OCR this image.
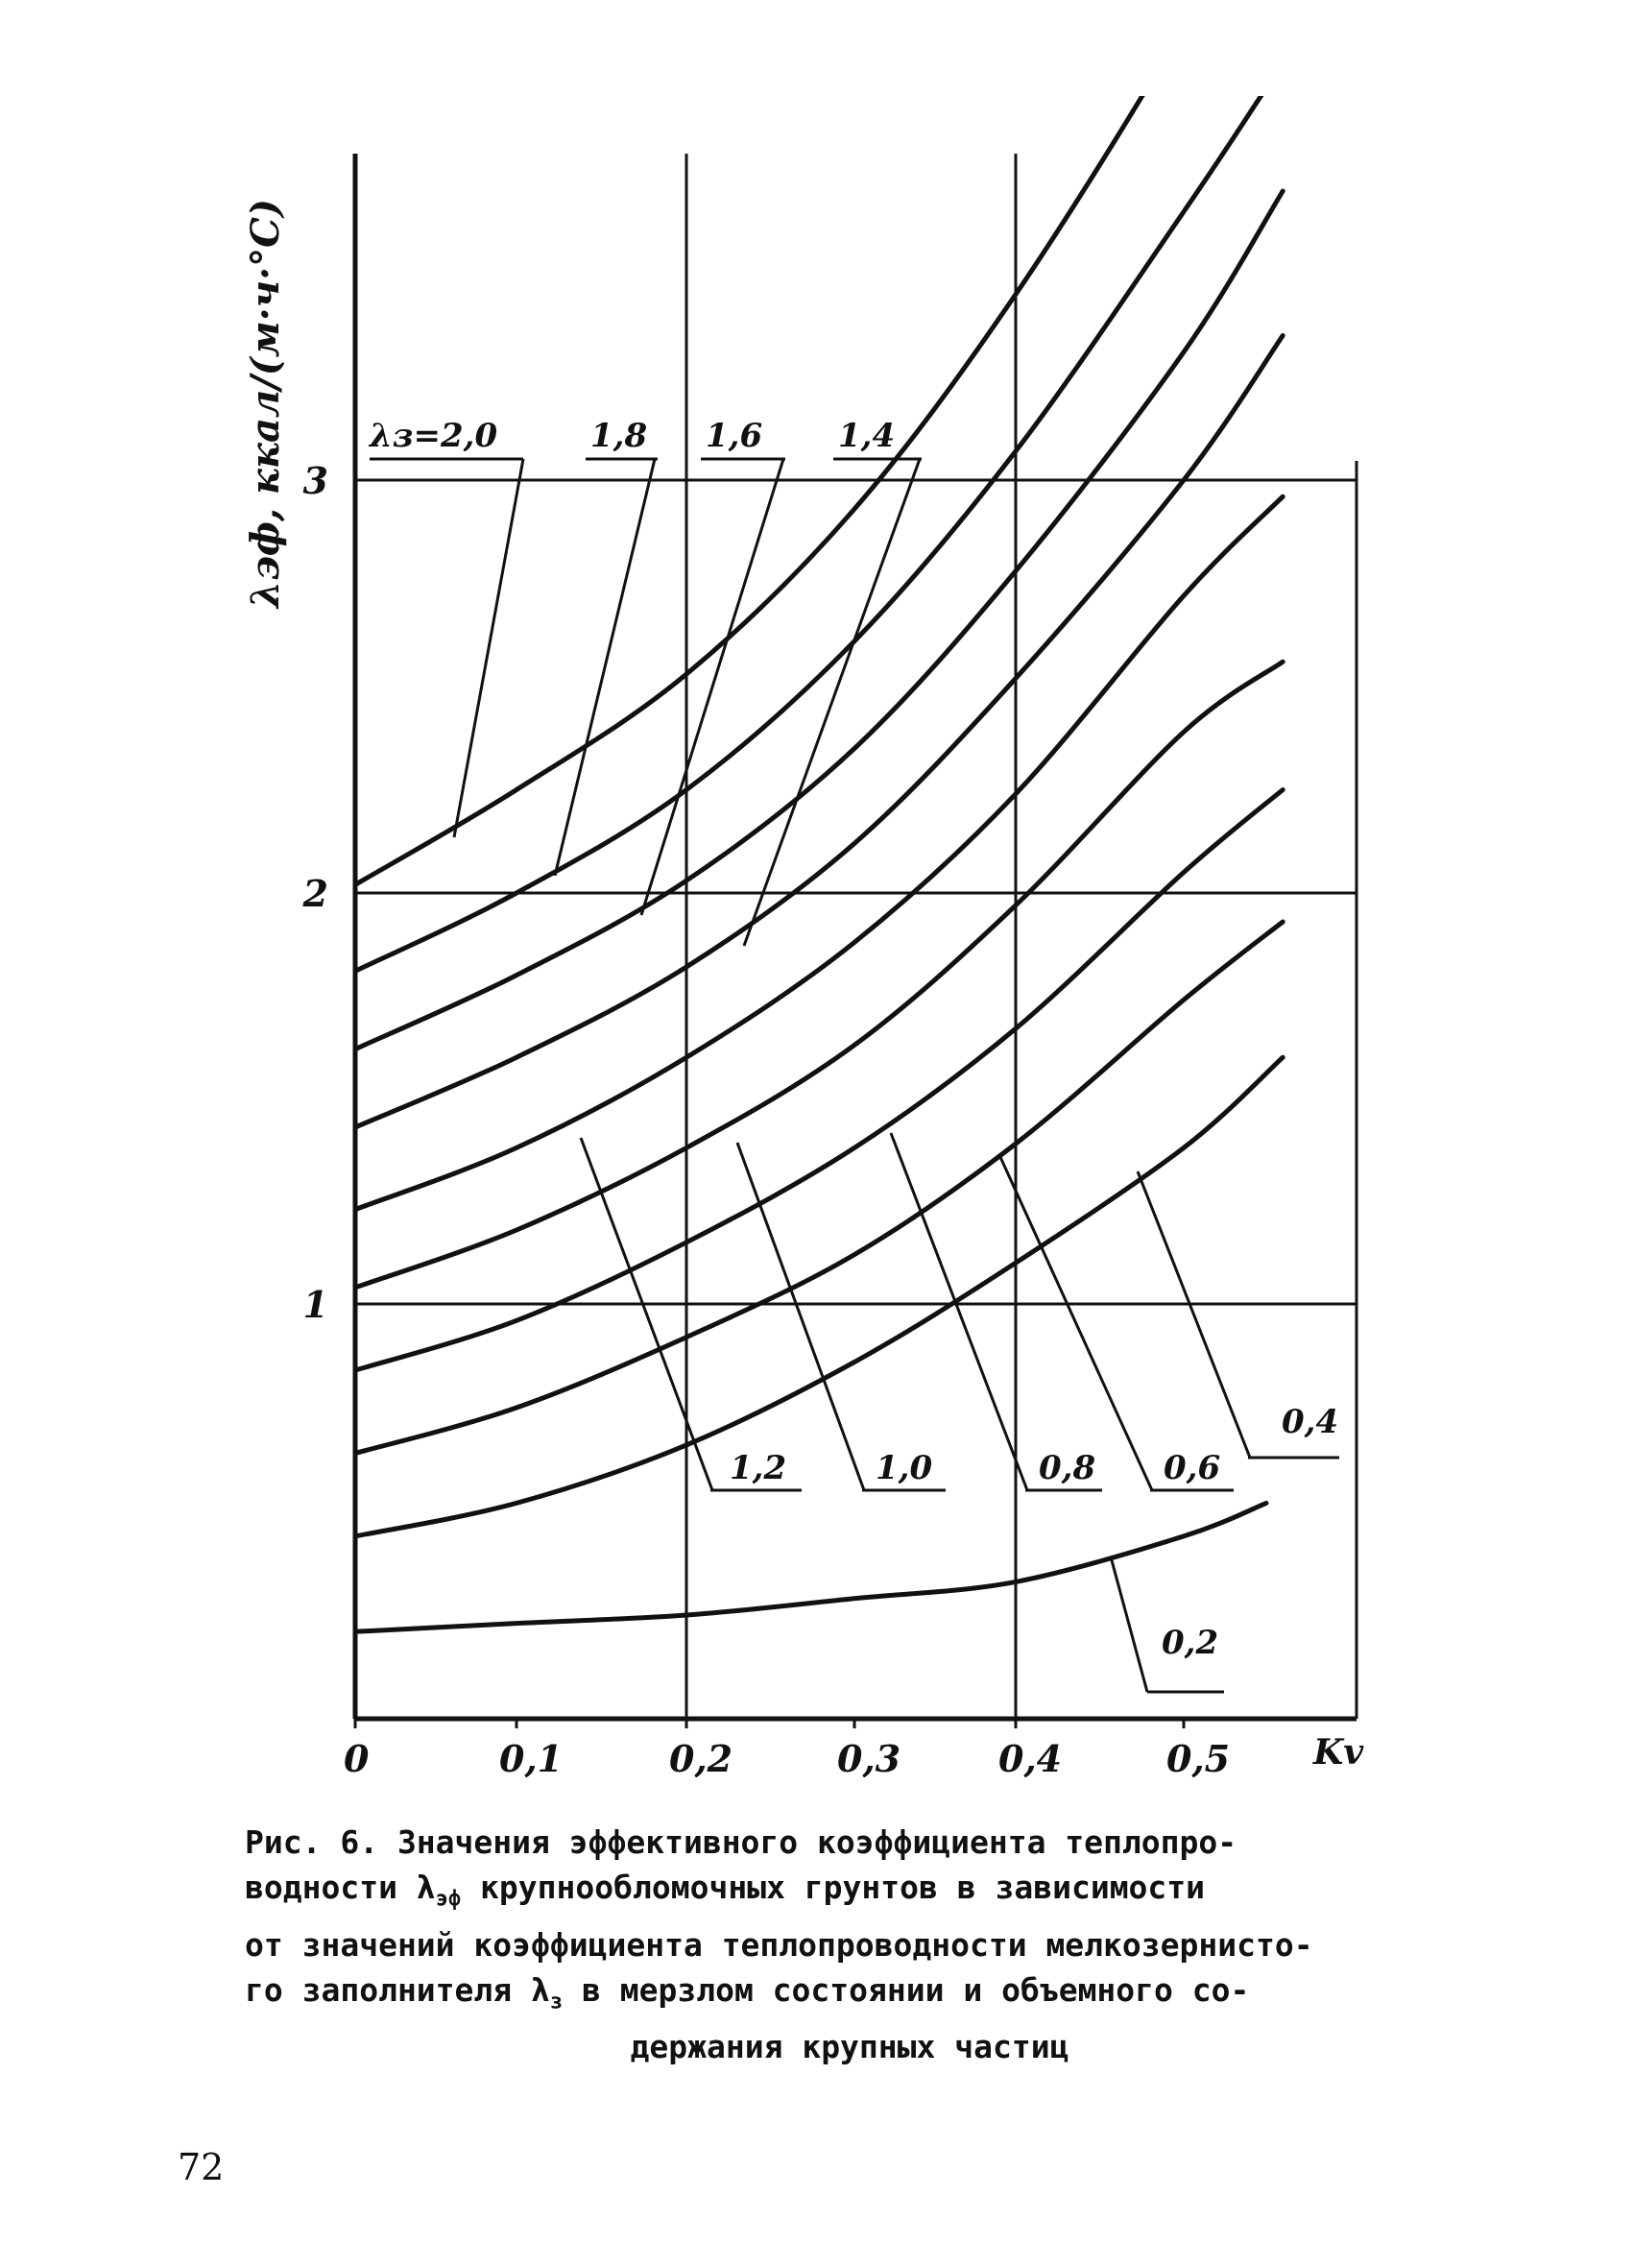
λз=2,0	1,8 1,6 1,4
1,2	1,0	0,8 0,6
0,4
0,2
0	0,1	0,2	0,3	0,4	0,5
1
2
3
λэф, ккал/(м·ч·°С)
Kv
Рис. 6. Значения эффективного коэффициента теплопро-
водности $\lambda_{эф}$ крупнообломочных грунтов в зависимости
от значений коэффициента теплопроводности мелкозернисто-
го заполнителя $\lambda_з$ в мерзлом состоянии и объемного со-
держания крупных частиц
72
